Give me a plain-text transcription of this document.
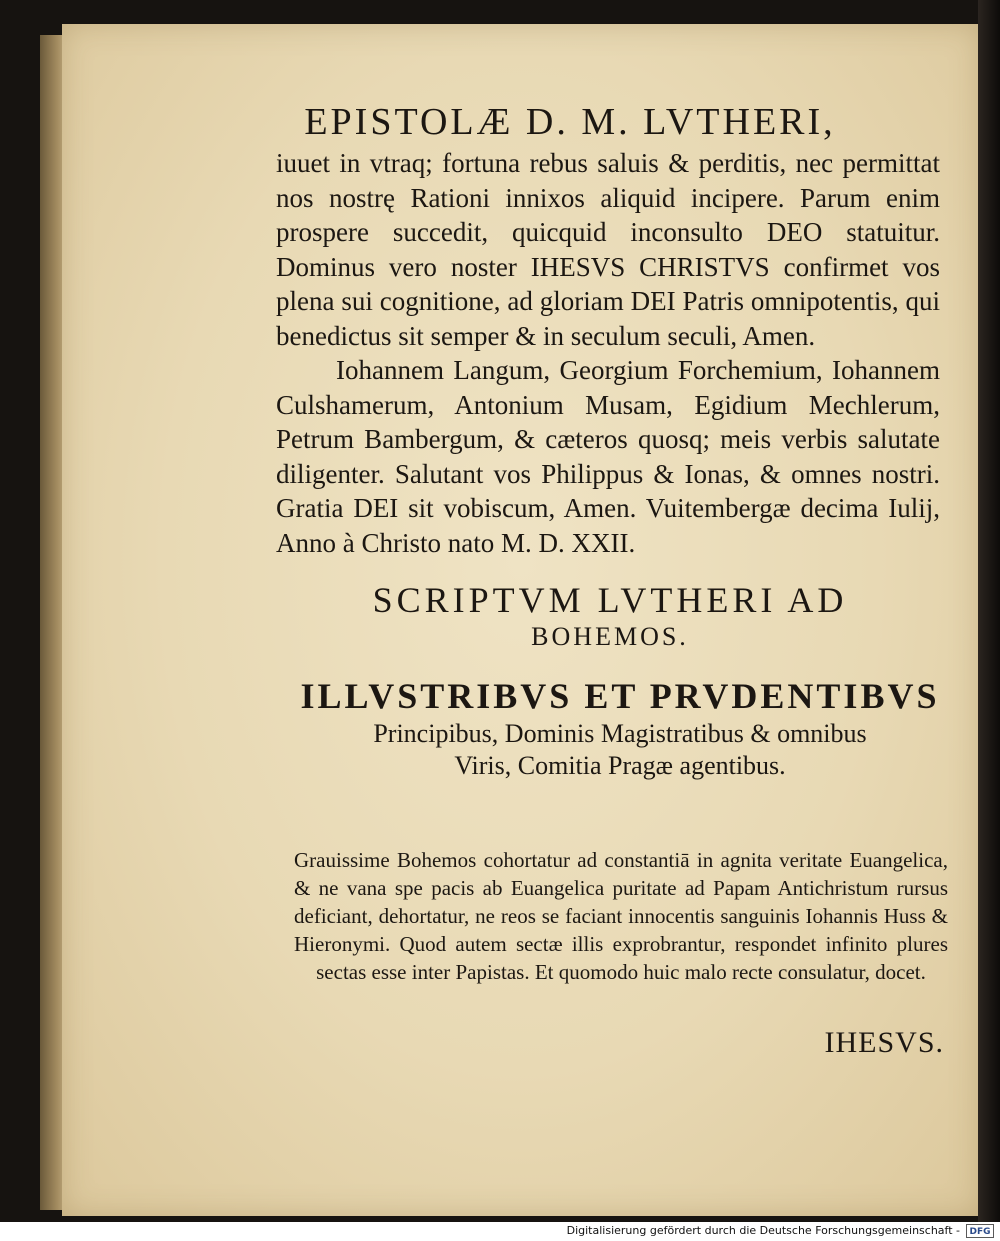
EPISTOLÆ D. M. LVTHERI,
iuuet in vtraq; fortuna rebus saluis & perditis, nec permittat nos nostrę Rationi innixos aliquid incipere. Parum enim prospere succedit, quicquid inconsulto DEO statuitur. Dominus vero noster IHESVS CHRISTVS confirmet vos plena sui cognitione, ad gloriam DEI Patris omnipotentis, qui benedictus sit semper & in seculum seculi, Amen.
Iohannem Langum, Georgium Forchemium, Iohannem Culshamerum, Antonium Musam, Egidium Mechlerum, Petrum Bambergum, & cæteros quosq; meis verbis salutate diligenter. Salutant vos Philippus & Ionas, & omnes nostri. Gratia DEI sit vobiscum, Amen. Vuitembergæ decima Iulij, Anno à Christo nato M. D. XXII.
SCRIPTVM LVTHERI AD
BOHEMOS.
ILLVSTRIBVS ET PRVDENTIBVS
Principibus, Dominis Magistratibus & omnibus Viris, Comitia Pragæ agentibus.
Grauissime Bohemos cohortatur ad constantiā in agnita veritate Euangelica, & ne vana spe pacis ab Euangelica puritate ad Papam Antichristum rursus deficiant, dehortatur, ne reos se faciant innocentis sanguinis Iohannis Huss & Hieronymi. Quod autem sectæ illis exprobrantur, respondet infinito plures sectas esse inter Papistas. Et quomodo huic malo recte consulatur, docet.
IHESVS.
Digitalisierung gefördert durch die Deutsche Forschungsgemeinschaft -	DFG
